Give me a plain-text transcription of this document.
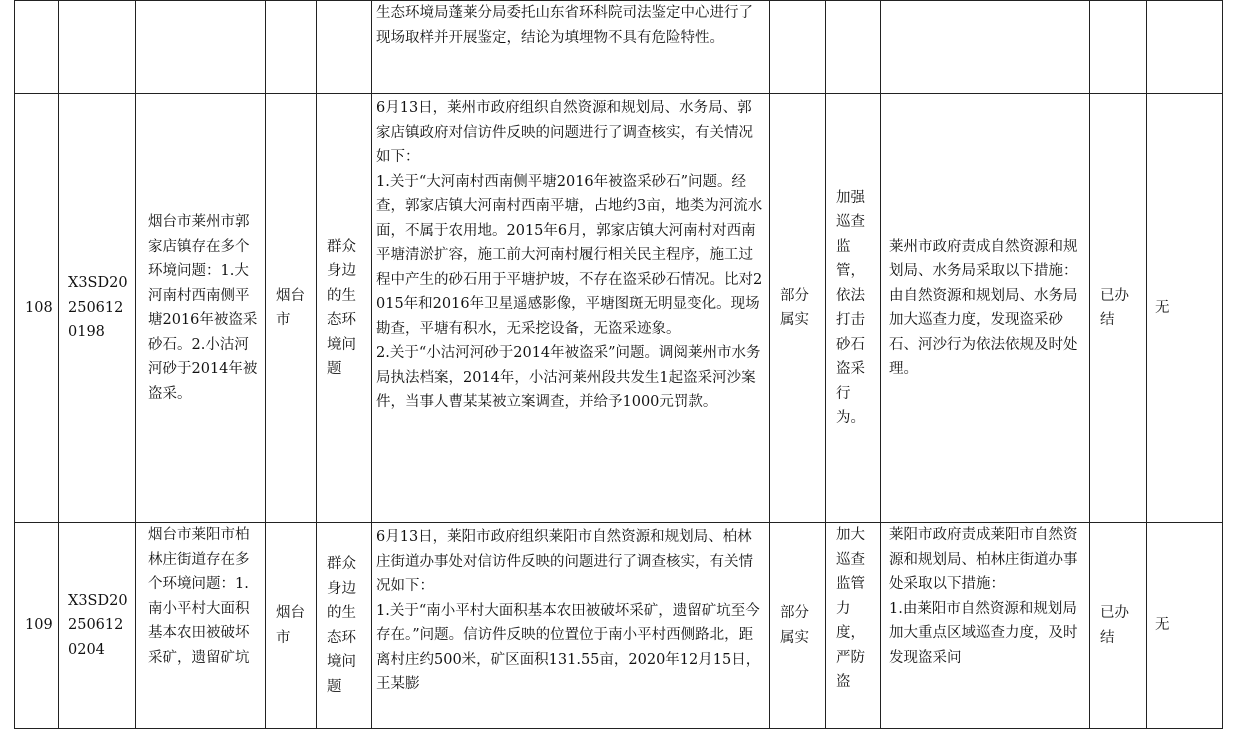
					生态环境局蓬莱分局委托山东省环科院司法鉴定中心进行了现场取样并开展鉴定，结论为填埋物不具有危险特性。					

108	X3SD20250612 0198	烟台市莱州市郭家店镇存在多个环境问题：1.大河南村西南侧平塘2016年被盗采砂石。2.小沽河河砂于2014年被盗采。	烟台市	群众身边的生态环境问题	6月13日，莱州市政府组织自然资源和规划局、水务局、郭家店镇政府对信访件反映的问题进行了调查核实，有关情况如下：
1.关于“大河南村西南侧平塘2016年被盗采砂石”问题。经查，郭家店镇大河南村西南平塘，占地约3亩，地类为河流水面，不属于农用地。2015年6月，郭家店镇大河南村对西南平塘清淤扩容，施工前大河南村履行相关民主程序，施工过程中产生的砂石用于平塘护坡，不存在盗采砂石情况。比对2015年和2016年卫星遥感影像，平塘图斑无明显变化。现场勘查，平塘有积水，无采挖设备，无盗采迹象。
2.关于“小沽河河砂于2014年被盗采”问题。调阅莱州市水务局执法档案，2014年，小沽河莱州段共发生1起盗采河沙案件，当事人曹某某被立案调查，并给予1000元罚款。	部分属实	加强巡查监管，依法打击砂石盗采行为。	莱州市政府责成自然资源和规划局、水务局采取以下措施：
由自然资源和规划局、水务局加大巡查力度，发现盗采砂石、河沙行为依法依规及时处理。	已办结	无
109	X3SD20250612 0204	烟台市莱阳市柏林庄街道存在多个环境问题：1.南小平村大面积基本农田被破坏采矿，遗留矿坑	烟台市	群众身边的生态环境问题	6月13日，莱阳市政府组织莱阳市自然资源和规划局、柏林庄街道办事处对信访件反映的问题进行了调查核实，有关情况如下：
1.关于“南小平村大面积基本农田被破坏采矿，遗留矿坑至今存在。”问题。信访件反映的位置位于南小平村西侧路北，距离村庄约500米，矿区面积131.55亩，2020年12月15日，王某膨	部分属实	加大巡查监管力度，严防盗	莱阳市政府责成莱阳市自然资源和规划局、柏林庄街道办事处采取以下措施：
1.由莱阳市自然资源和规划局加大重点区域巡查力度，及时发现盗采问	已办结	无
